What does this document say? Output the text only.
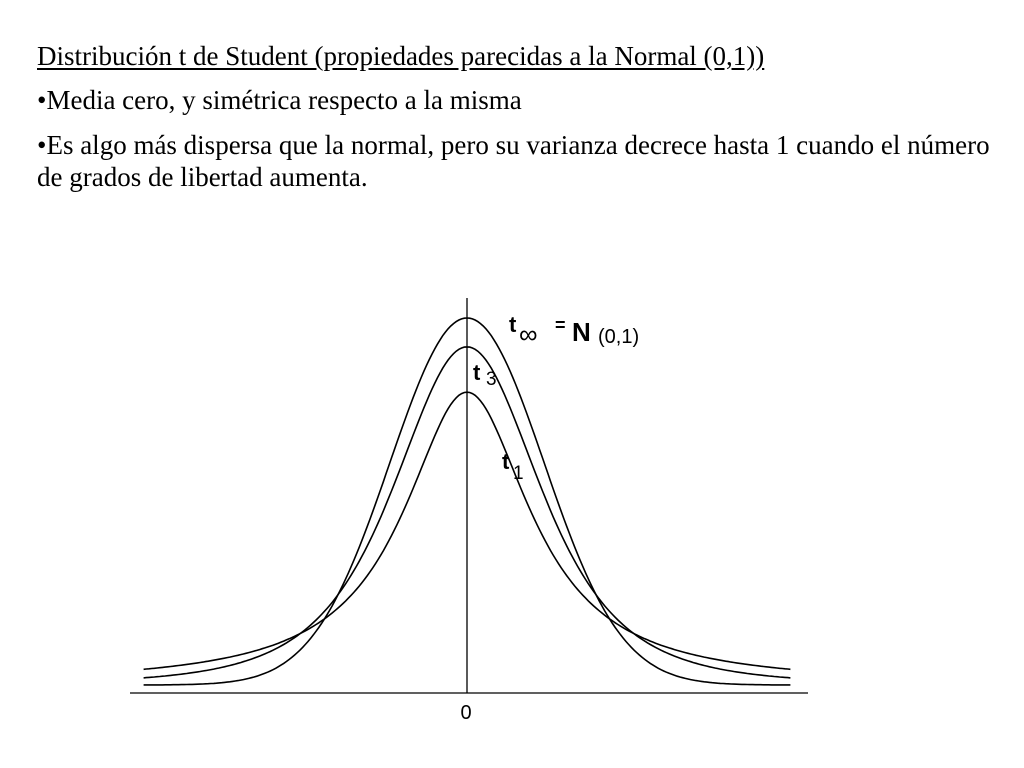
Distribución t de Student (propiedades parecidas a la Normal (0,1))
•Media cero, y simétrica respecto a la misma
•Es algo más dispersa que la normal, pero su varianza decrece hasta 1 cuando el número de grados de libertad aumenta.
0
t ∞ = N (0,1)
t 3
t 1
